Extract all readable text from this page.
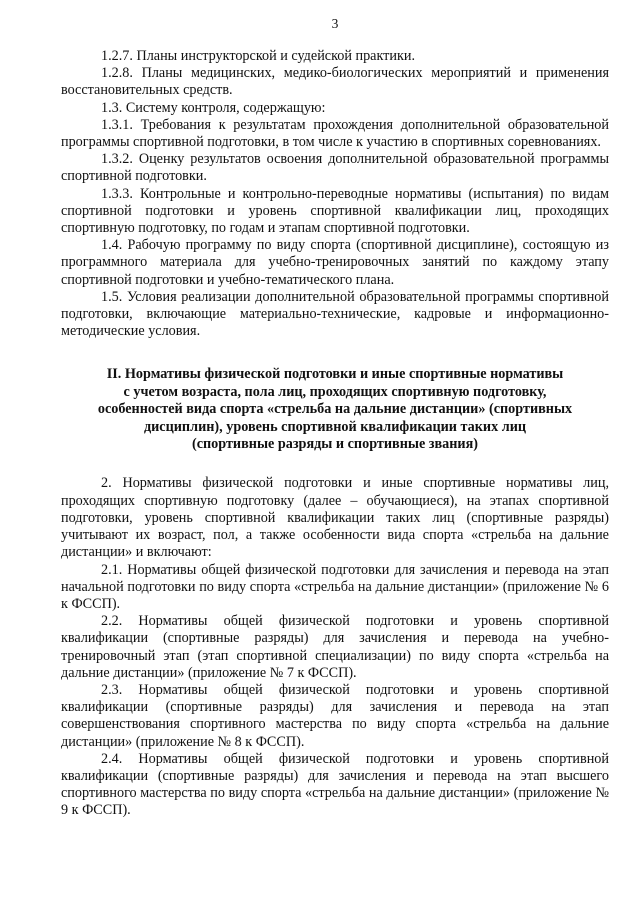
3

1.2.7. Планы инструкторской и судейской практики.

1.2.8. Планы медицинских, медико-биологических мероприятий и применения восстановительных средств.

1.3. Систему контроля, содержащую:

1.3.1. Требования к результатам прохождения дополнительной образовательной программы спортивной подготовки, в том числе к участию в спортивных соревнованиях.

1.3.2. Оценку результатов освоения дополнительной образовательной программы спортивной подготовки.

1.3.3. Контрольные и контрольно-переводные нормативы (испытания) по видам спортивной подготовки и уровень спортивной квалификации лиц, проходящих спортивную подготовку, по годам и этапам спортивной подготовки.

1.4. Рабочую программу по виду спорта (спортивной дисциплине), состоящую из программного материала для учебно-тренировочных занятий по каждому этапу спортивной подготовки и учебно-тематического плана.

1.5. Условия реализации дополнительной образовательной программы спортивной подготовки, включающие материально-технические, кадровые и информационно-методические условия.

II. Нормативы физической подготовки и иные спортивные нормативы
с учетом возраста, пола лиц, проходящих спортивную подготовку,
особенностей вида спорта «стрельба на дальние дистанции» (спортивных
дисциплин), уровень спортивной квалификации таких лиц
(спортивные разряды и спортивные звания)

2. Нормативы физической подготовки и иные спортивные нормативы лиц, проходящих спортивную подготовку (далее – обучающиеся), на этапах спортивной подготовки, уровень спортивной квалификации таких лиц (спортивные разряды) учитывают их возраст, пол, а также особенности вида спорта «стрельба на дальние дистанции» и включают:

2.1. Нормативы общей физической подготовки для зачисления и перевода на этап начальной подготовки по виду спорта «стрельба на дальние дистанции» (приложение № 6 к ФССП).

2.2. Нормативы общей физической подготовки и уровень спортивной квалификации (спортивные разряды) для зачисления и перевода на учебно-тренировочный этап (этап спортивной специализации) по виду спорта «стрельба на дальние дистанции» (приложение № 7 к ФССП).

2.3. Нормативы общей физической подготовки и уровень спортивной квалификации (спортивные разряды) для зачисления и перевода на этап совершенствования спортивного мастерства по виду спорта «стрельба на дальние дистанции» (приложение № 8 к ФССП).

2.4. Нормативы общей физической подготовки и уровень спортивной квалификации (спортивные разряды) для зачисления и перевода на этап высшего спортивного мастерства по виду спорта «стрельба на дальние дистанции» (приложение № 9 к ФССП).
